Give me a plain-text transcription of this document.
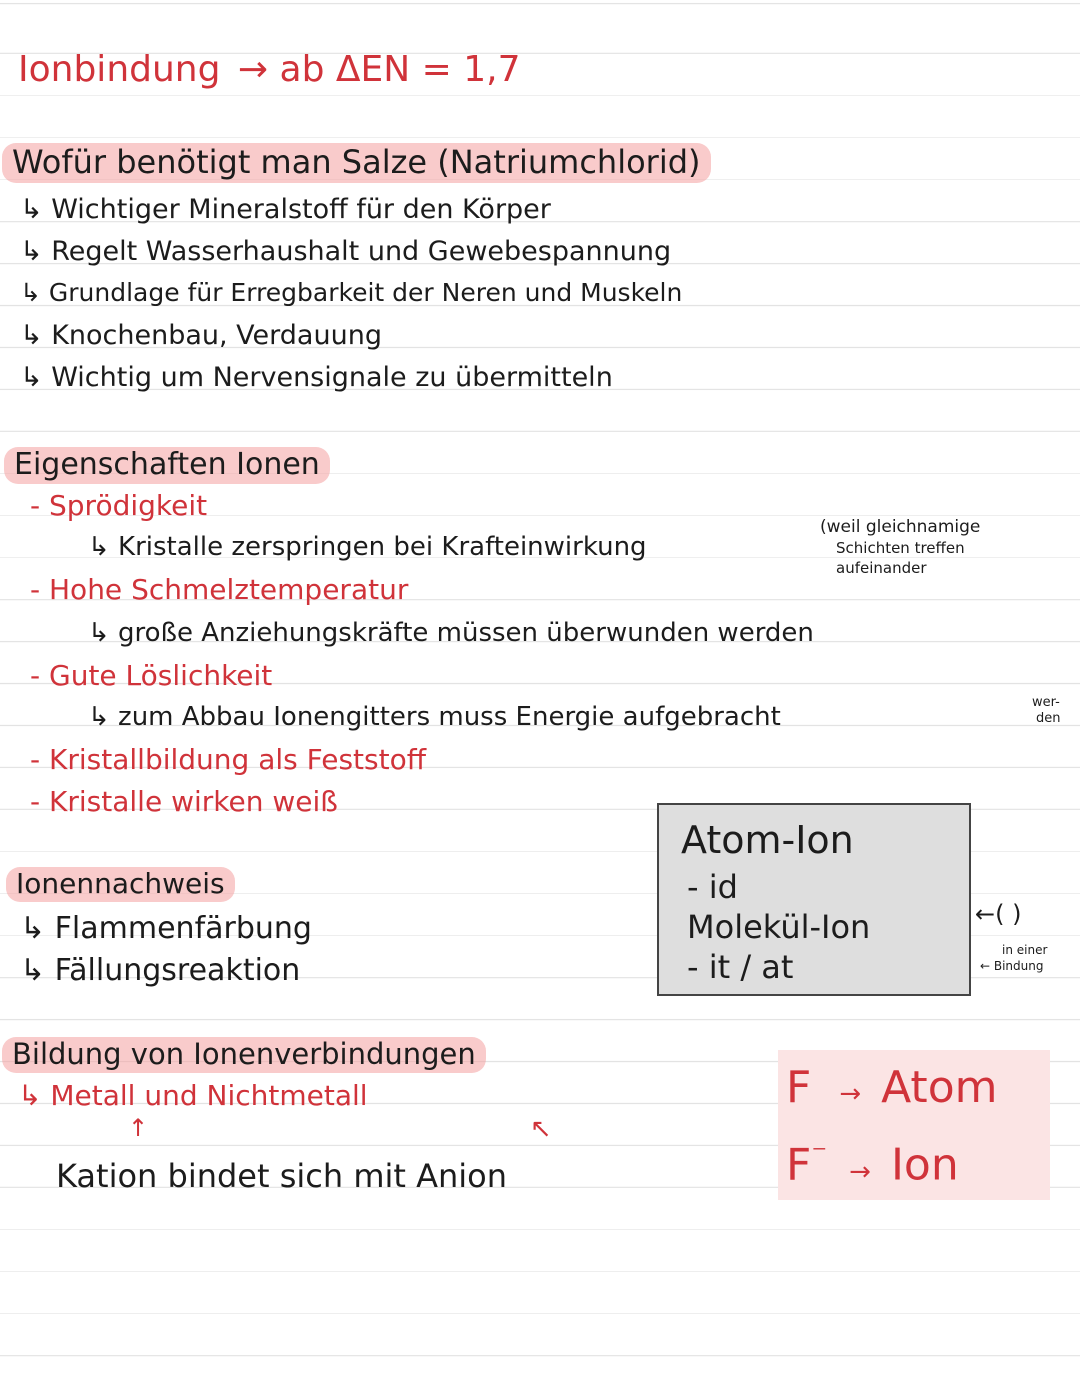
Ionbindung → ab ΔEN = 1,7
Wofür benötigt man Salze (Natriumchlorid)
↳ Wichtiger Mineralstoff für den Körper
↳ Regelt Wasserhaushalt und Gewebespannung
↳ Grundlage für Erregbarkeit der Neren und Muskeln
↳ Knochenbau, Verdauung
↳ Wichtig um Nervensignale zu übermitteln
Eigenschaften Ionen
- Sprödigkeit
↳ Kristalle zerspringen bei Krafteinwirkung
(weil gleichnamige
Schichten treffen
aufeinander
- Hohe Schmelztemperatur
↳ große Anziehungskräfte müssen überwunden werden
- Gute Löslichkeit
↳ zum Abbau Ionengitters muss Energie aufgebracht	wer-
den
- Kristallbildung als Feststoff
- Kristalle wirken weiß
Atom-Ion
- id
Molekül-Ion
- it / at
←( )
in einer
← Bindung
Ionennachweis
↳ Flammenfärbung
↳ Fällungsreaktion
Bildung von Ionenverbindungen
↳ Metall und Nichtmetall
↑	↖
Kation bindet sich mit Anion
F → Atom
F⁻ → Ion
